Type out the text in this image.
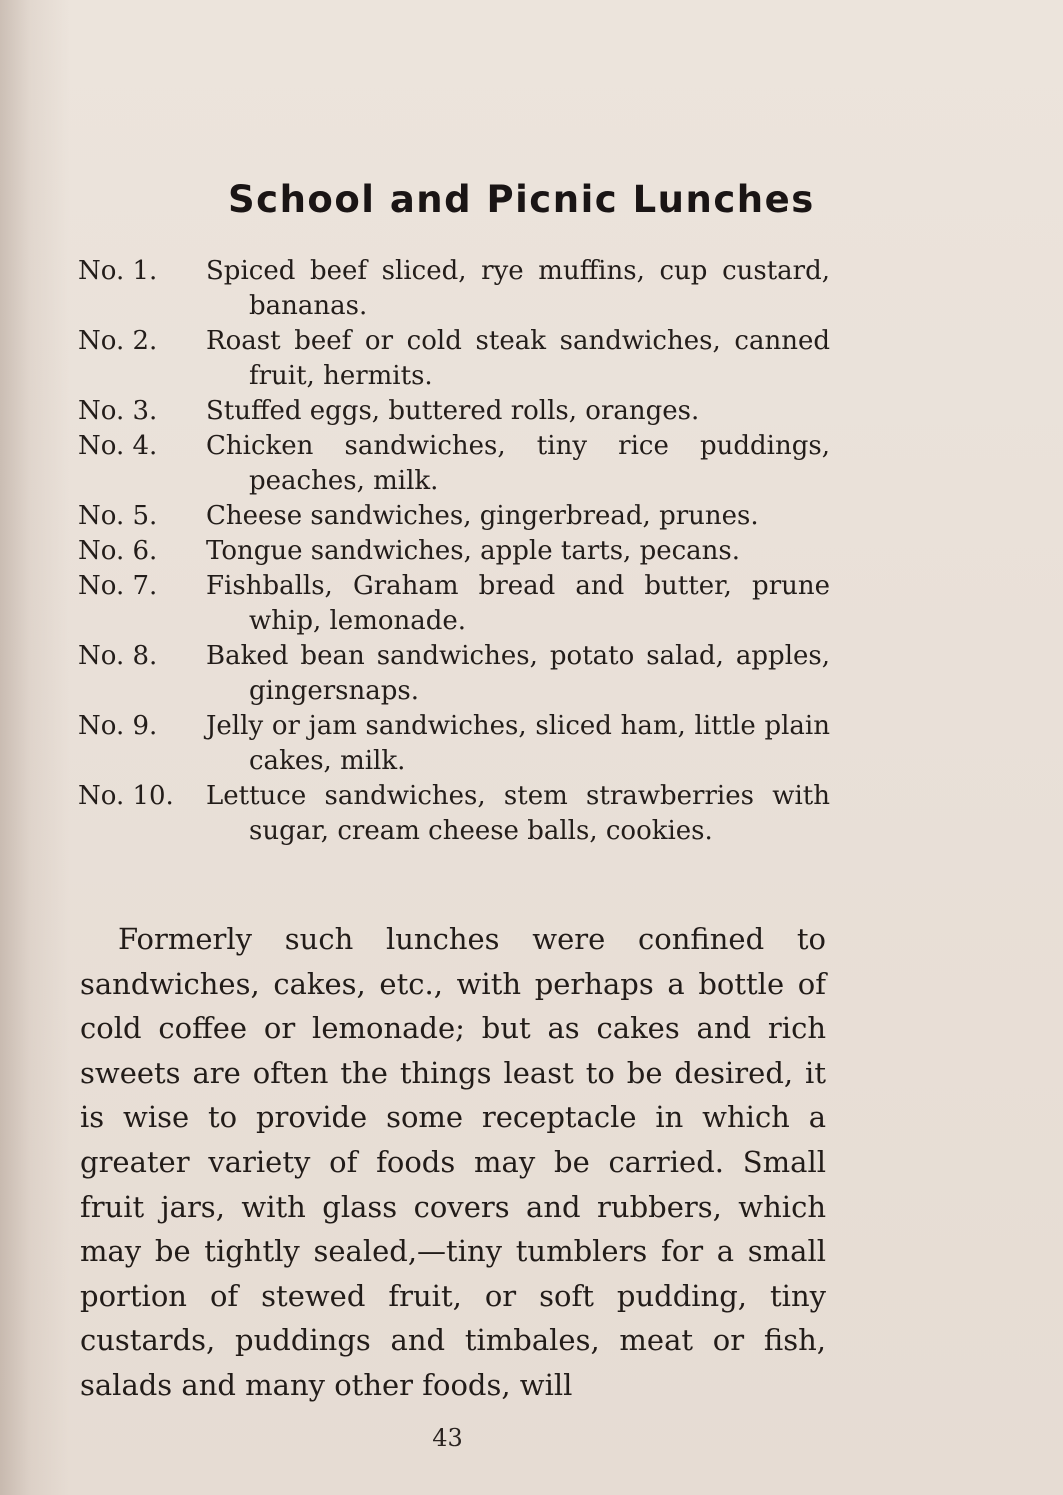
School and Picnic Lunches
No. 1.	Spiced beef sliced, rye muffins, cup custard, bananas.
No. 2.	Roast beef or cold steak sandwiches, canned fruit, hermits.
No. 3.	Stuffed eggs, buttered rolls, oranges.
No. 4.	Chicken sandwiches, tiny rice puddings, peaches, milk.
No. 5.	Cheese sandwiches, gingerbread, prunes.
No. 6.	Tongue sandwiches, apple tarts, pecans.
No. 7.	Fishballs, Graham bread and butter, prune whip, lemonade.
No. 8.	Baked bean sandwiches, potato salad, apples, gingersnaps.
No. 9.	Jelly or jam sandwiches, sliced ham, little plain cakes, milk.
No. 10.	Lettuce sandwiches, stem strawberries with sugar, cream cheese balls, cookies.

Formerly such lunches were confined to sandwiches, cakes, etc., with perhaps a bottle of cold coffee or lemonade; but as cakes and rich sweets are often the things least to be desired, it is wise to provide some receptacle in which a greater variety of foods may be carried. Small fruit jars, with glass covers and rubbers, which may be tightly sealed,—tiny tumblers for a small portion of stewed fruit, or soft pudding, tiny custards, puddings and timbales, meat or fish, salads and many other foods, will

43
